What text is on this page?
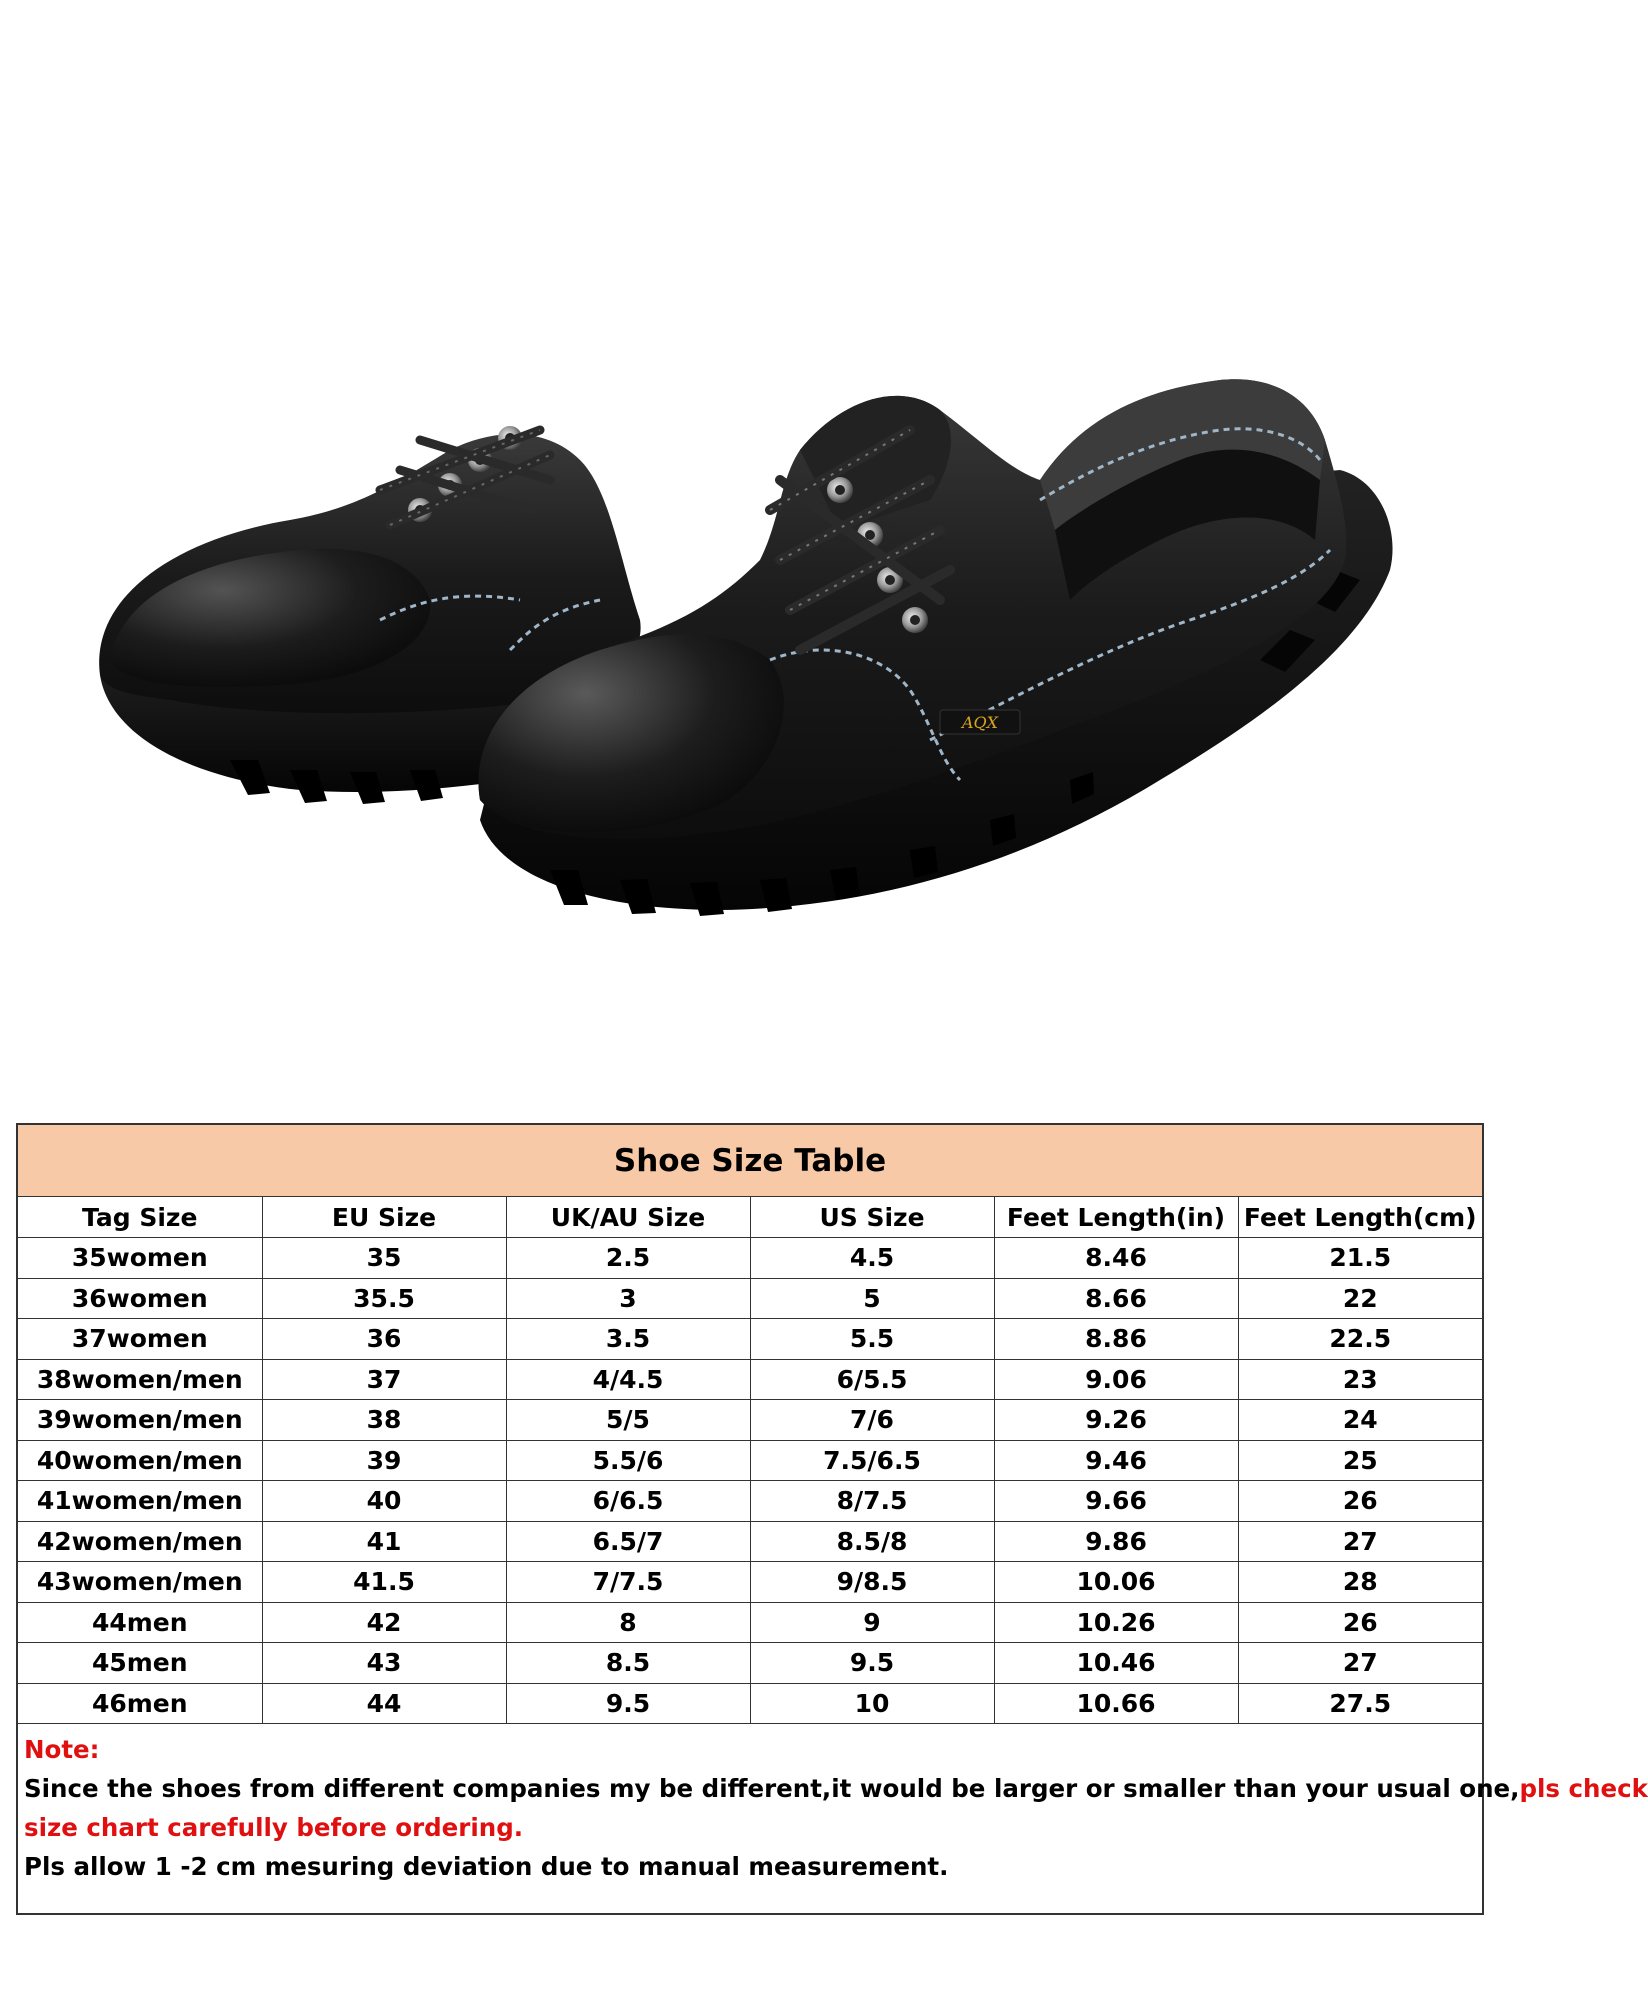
AQX
Shoe Size Table					
Tag Size	EU Size	UK/AU Size	US Size	Feet Length(in)	Feet Length(cm)
35women	35	2.5	4.5	8.46	21.5
36women	35.5	3	5	8.66	22
37women	36	3.5	5.5	8.86	22.5
38women/men	37	4/4.5	6/5.5	9.06	23
39women/men	38	5/5	7/6	9.26	24
40women/men	39	5.5/6	7.5/6.5	9.46	25
41women/men	40	6/6.5	8/7.5	9.66	26
42women/men	41	6.5/7	8.5/8	9.86	27
43women/men	41.5	7/7.5	9/8.5	10.06	28
44men	42	8	9	10.26	26
45men	43	8.5	9.5	10.46	27
46men	44	9.5	10	10.66	27.5
Note:
Since the shoes from different companies my be different,it would be larger or smaller than your usual one,pls check
size chart carefully before ordering.
Pls allow 1 -2 cm mesuring deviation due to manual measurement.
